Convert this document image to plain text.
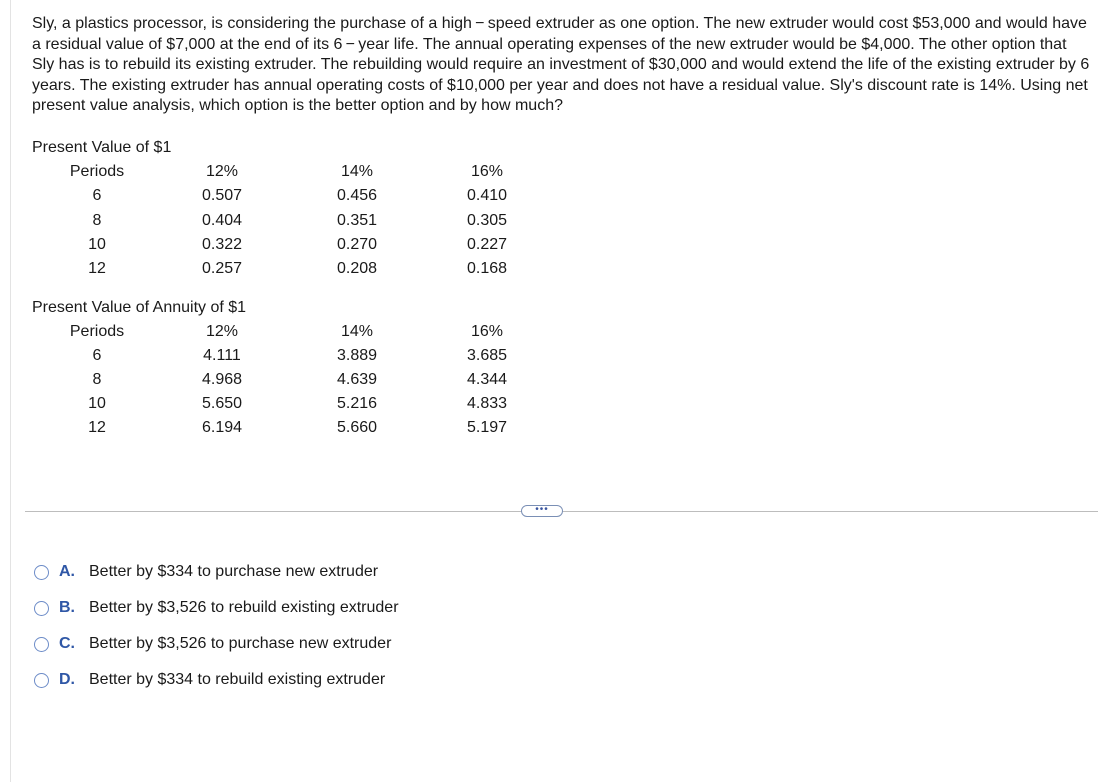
Sly, a plastics processor, is considering the purchase of a high − speed extruder as one option. The new extruder would cost $53,000 and would have a residual value of $7,000 at the end of its 6 − year life. The annual operating expenses of the new extruder would be $4,000. The other option that Sly has is to rebuild its existing extruder. The rebuilding would require an investment of $30,000 and would extend the life of the existing extruder by 6 years. The existing extruder has annual operating costs of $10,000 per year and does not have a residual value. Sly's discount rate is 14%. Using net present value analysis, which option is the better option and by how much?

Present Value of $1
Periods	12%	14%	16%
6	0.507	0.456	0.410
8	0.404	0.351	0.305
10	0.322	0.270	0.227
12	0.257	0.208	0.168
Present Value of Annuity of $1
Periods	12%	14%	16%
6	4.111	3.889	3.685
8	4.968	4.639	4.344
10	5.650	5.216	4.833
12	6.194	5.660	5.197
•••
A. Better by $334 to purchase new extruder
B. Better by $3,526 to rebuild existing extruder
C. Better by $3,526 to purchase new extruder
D. Better by $334 to rebuild existing extruder
